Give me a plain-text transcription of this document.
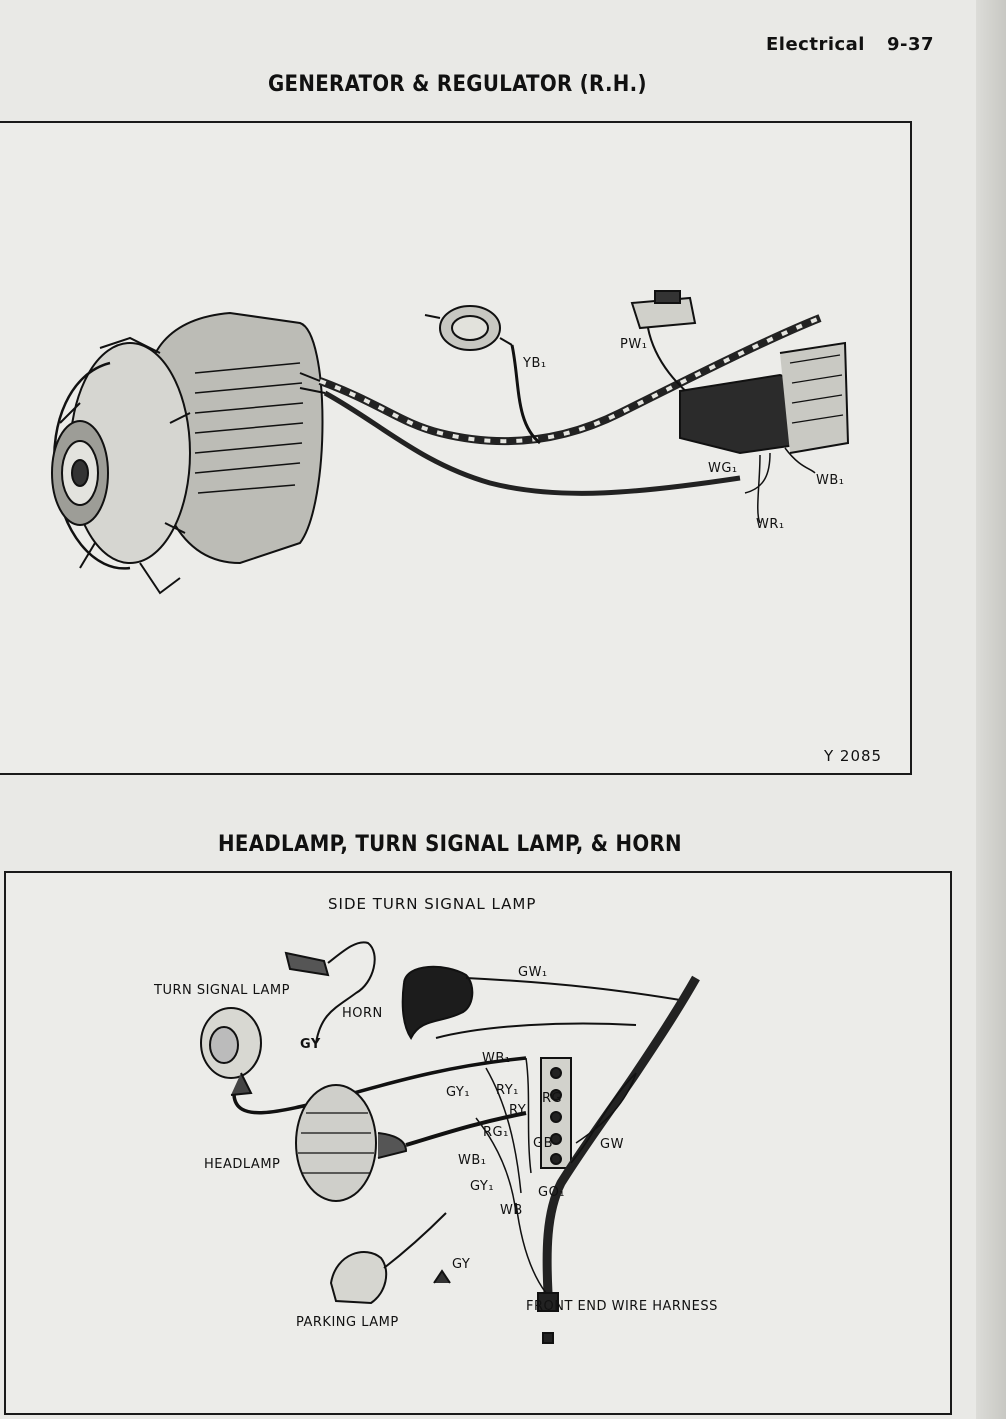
Electrical 9-37
GENERATOR & REGULATOR (R.H.)
YB₁
PW₁
WG₁
WB₁
WR₁
Y 2085
HEADLAMP, TURN SIGNAL LAMP, & HORN
SIDE TURN SIGNAL LAMP
TURN SIGNAL LAMP
HORN
HEADLAMP
PARKING LAMP
FRONT END WIRE HARNESS
GW₁
GY
WB₁
GY₁ RY₁
RY
RG
RG₁
GB	GW
WB₁
GY₁	GO₁
WB
GY
